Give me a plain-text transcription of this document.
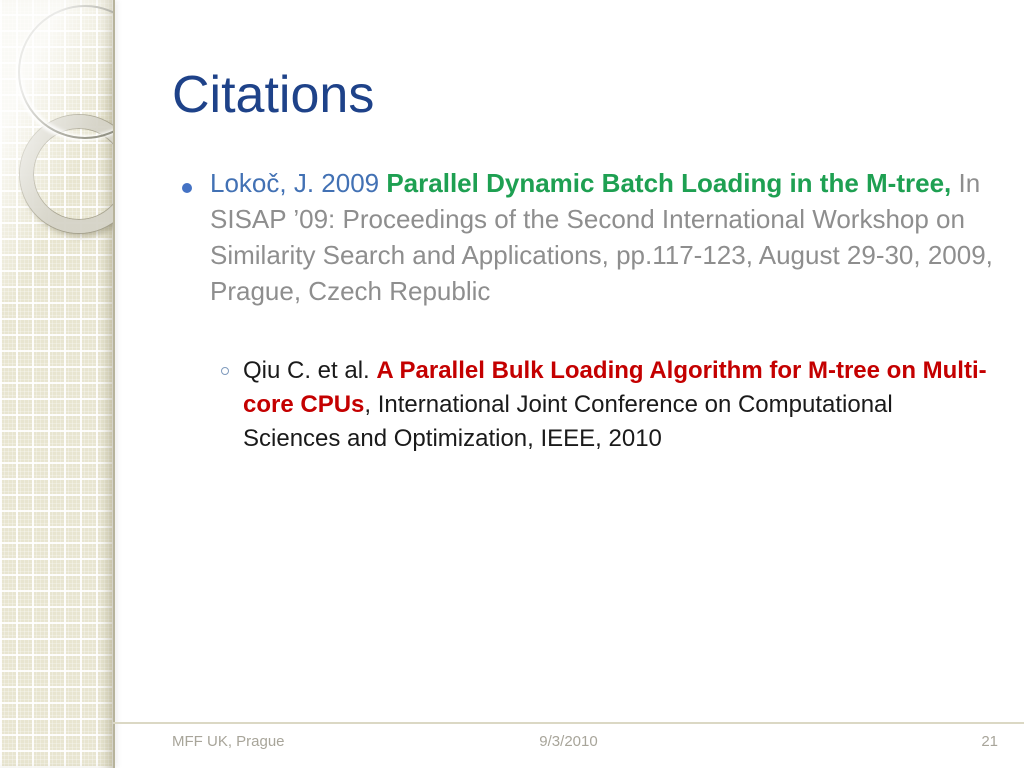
Citations
Lokoč, J. 2009 Parallel Dynamic Batch Loading in the M-tree, In SISAP ’09: Proceedings of the Second International Workshop on Similarity Search and Applications, pp.117-123, August 29-30, 2009, Prague, Czech Republic
Qiu C. et al. A Parallel Bulk Loading Algorithm for M-tree on Multi-core CPUs, International Joint Conference on Computational Sciences and Optimization, IEEE, 2010
MFF UK, Prague	9/3/2010	21
